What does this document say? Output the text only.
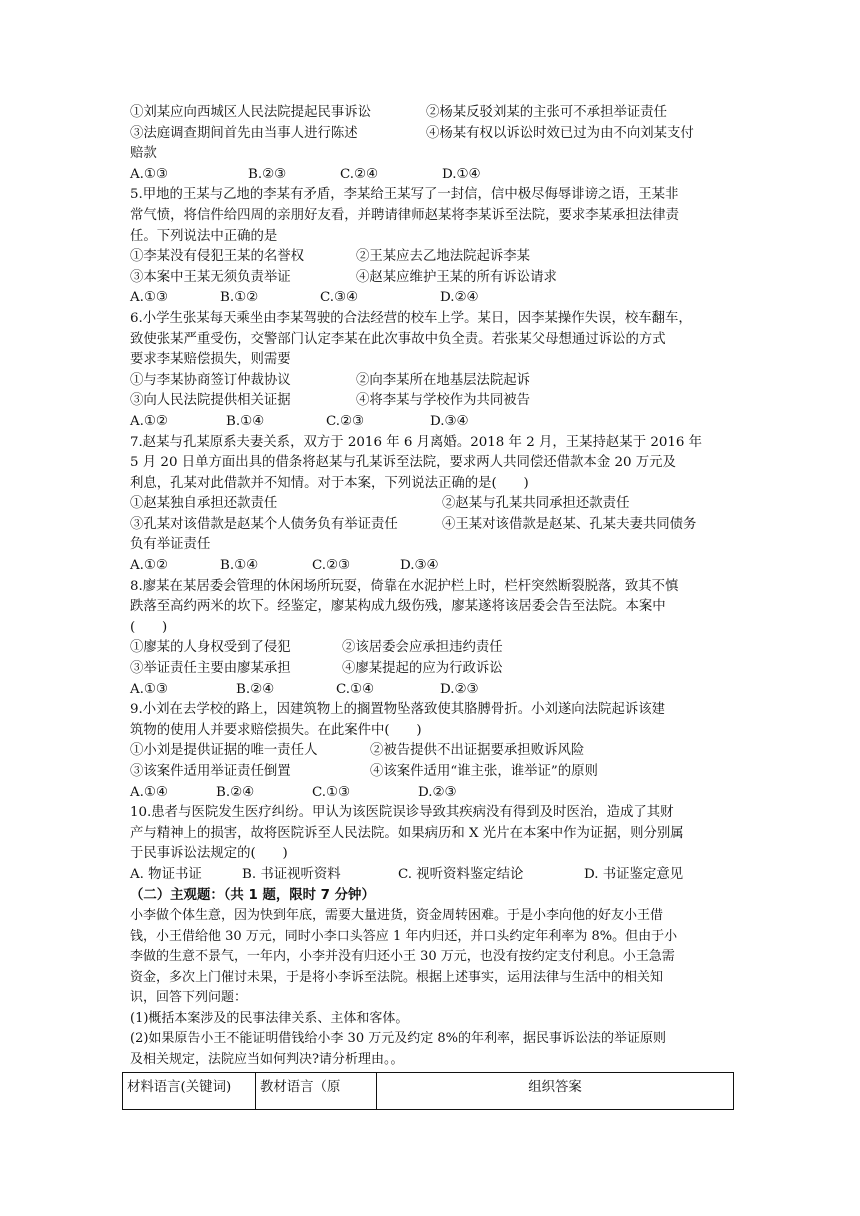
①刘某应向西城区人民法院提起民事诉讼	②杨某反驳刘某的主张可不承担举证责任
③法庭调查期间首先由当事人进行陈述	④杨某有权以诉讼时效已过为由不向刘某支付
赔款
A.①③	B.②③	C.②④	D.①④
5.甲地的王某与乙地的李某有矛盾，李某给王某写了一封信，信中极尽侮辱诽谤之语，王某非
常气愤，将信件给四周的亲朋好友看，并聘请律师赵某将李某诉至法院，要求李某承担法律责
任。下列说法中正确的是
①李某没有侵犯王某的名誉权	②王某应去乙地法院起诉李某
③本案中王某无须负责举证	④赵某应维护王某的所有诉讼请求
A.①③	B.①②	C.③④	D.②④
6.小学生张某每天乘坐由李某驾驶的合法经营的校车上学。某日，因李某操作失误，校车翻车，
致使张某严重受伤，交警部门认定李某在此次事故中负全责。若张某父母想通过诉讼的方式
要求李某赔偿损失，则需要
①与李某协商签订仲裁协议	②向李某所在地基层法院起诉
③向人民法院提供相关证据	④将李某与学校作为共同被告
A.①②	B.①④	C.②③	D.③④
7.赵某与孔某原系夫妻关系，双方于 2016 年 6 月离婚。2018 年 2 月，王某持赵某于 2016 年
5 月 20 日单方面出具的借条将赵某与孔某诉至法院，要求两人共同偿还借款本金 20 万元及
利息，孔某对此借款并不知情。对于本案，下列说法正确的是(　　)
①赵某独自承担还款责任	②赵某与孔某共同承担还款责任
③孔某对该借款是赵某个人债务负有举证责任	④王某对该借款是赵某、孔某夫妻共同债务
负有举证责任
A.①②	B.①④	C.②③	D.③④
8.廖某在某居委会管理的休闲场所玩耍，倚靠在水泥护栏上时，栏杆突然断裂脱落，致其不慎
跌落至高约两米的坎下。经鉴定，廖某构成九级伤残，廖某遂将该居委会告至法院。本案中
(　　)
①廖某的人身权受到了侵犯	②该居委会应承担违约责任
③举证责任主要由廖某承担	④廖某提起的应为行政诉讼
A.①③	B.②④	C.①④	D.②③
9.小刘在去学校的路上，因建筑物上的搁置物坠落致使其胳膊骨折。小刘遂向法院起诉该建
筑物的使用人并要求赔偿损失。在此案件中(　　)
①小刘是提供证据的唯一责任人	②被告提供不出证据要承担败诉风险
③该案件适用举证责任倒置	④该案件适用“谁主张，谁举证”的原则
A.①④	B.②④	C.①③	D.②③
10.患者与医院发生医疗纠纷。甲认为该医院误诊导致其疾病没有得到及时医治，造成了其财
产与精神上的损害，故将医院诉至人民法院。如果病历和 X 光片在本案中作为证据，则分别属
于民事诉讼法规定的(　　)
A. 物证书证	B. 书证视听资料	C. 视听资料鉴定结论	D. 书证鉴定意见
（二）主观题：（共 1 题，限时 7 分钟）
小李做个体生意，因为快到年底，需要大量进货，资金周转困难。于是小李向他的好友小王借
钱，小王借给他 30 万元，同时小李口头答应 1 年内归还，并口头约定年利率为 8%。但由于小
李做的生意不景气，一年内，小李并没有归还小王 30 万元，也没有按约定支付利息。小王急需
资金，多次上门催讨未果，于是将小李诉至法院。根据上述事实，运用法律与生活中的相关知
识，回答下列问题：
(1)概括本案涉及的民事法律关系、主体和客体。
(2)如果原告小王不能证明借钱给小李 30 万元及约定 8%的年利率，据民事诉讼法的举证原则
及相关规定，法院应当如何判决?请分析理由。。
材料语言(关键词)	教材语言（原	组织答案
